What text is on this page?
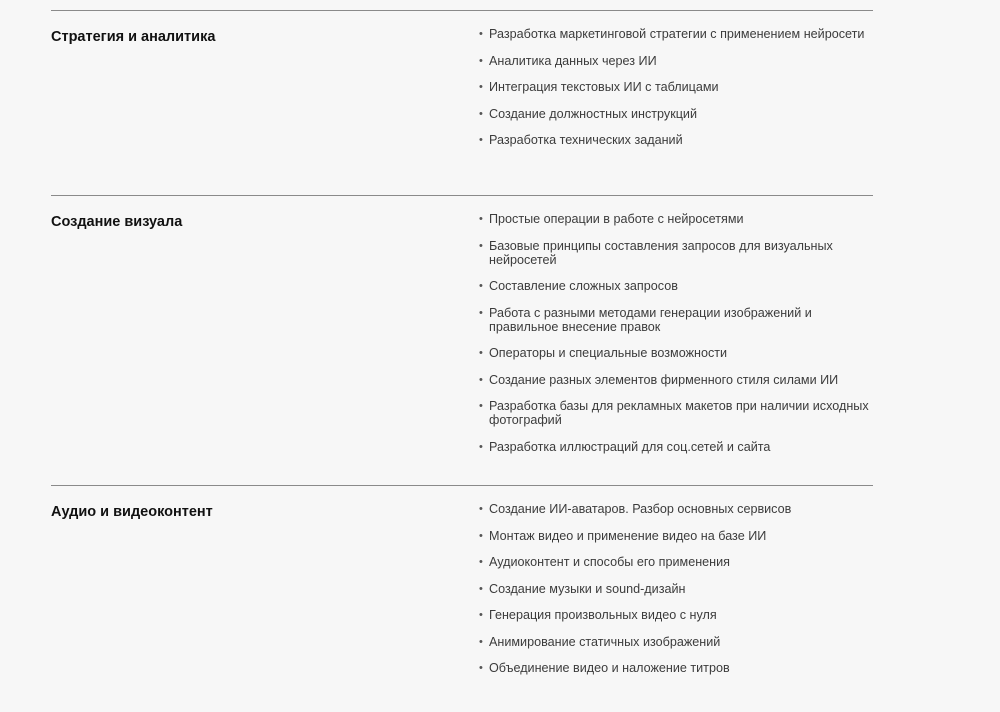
Стратегия и аналитика	• Разработка маркетинговой стратегии с применением нейросети
• Аналитика данных через ИИ
• Интеграция текстовых ИИ с таблицами
• Создание должностных инструкций
• Разработка технических заданий
Создание визуала	• Простые операции в работе с нейросетями
• Базовые принципы составления запросов для визуальных нейросетей
• Составление сложных запросов
• Работа с разными методами генерации изображений и правильное внесение правок
• Операторы и специальные возможности
• Создание разных элементов фирменного стиля силами ИИ
• Разработка базы для рекламных макетов при наличии исходных фотографий
• Разработка иллюстраций для соц.сетей и сайта
Аудио и видеоконтент	• Создание ИИ-аватаров. Разбор основных сервисов
• Монтаж видео и применение видео на базе ИИ
• Аудиоконтент и способы его применения
• Создание музыки и sound-дизайн
• Генерация произвольных видео с нуля
• Анимирование статичных изображений
• Объединение видео и наложение титров
